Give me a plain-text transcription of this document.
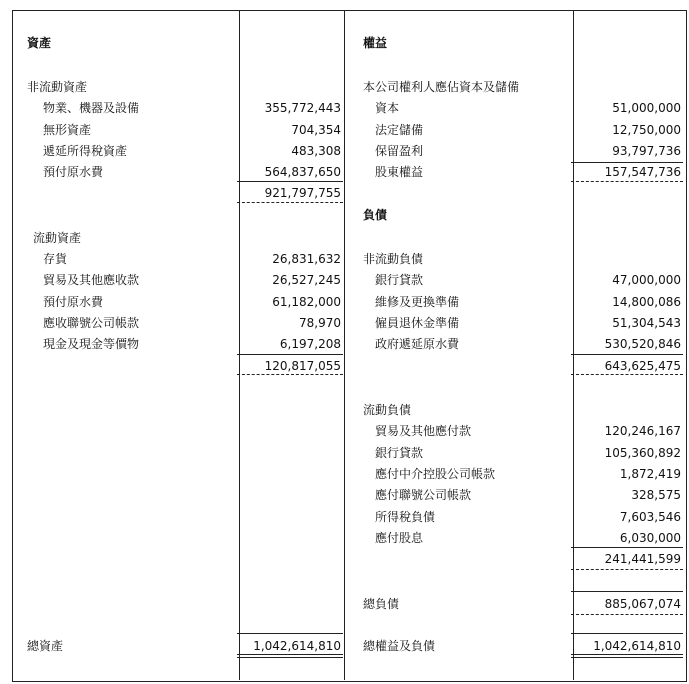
資產
非流動資產
物業、機器及設備	355,772,443
無形資產	704,354
遞延所得稅資產	483,308
預付原水費	564,837,650
921,797,755
流動資產
存貨	26,831,632
貿易及其他應收款	26,527,245
預付原水費	61,182,000
應收聯號公司帳款	78,970
現金及現金等價物	6,197,208
120,817,055
總資產	1,042,614,810
權益
本公司權利人應佔資本及儲備
資本	51,000,000
法定儲備	12,750,000
保留盈利	93,797,736
股東權益	157,547,736
負債
非流動負債
銀行貸款	47,000,000
維修及更換準備	14,800,086
僱員退休金準備	51,304,543
政府遞延原水費	530,520,846
643,625,475
流動負債
貿易及其他應付款	120,246,167
銀行貸款	105,360,892
應付中介控股公司帳款	1,872,419
應付聯號公司帳款	328,575
所得稅負債	7,603,546
應付股息	6,030,000
241,441,599
總負債	885,067,074
總權益及負債	1,042,614,810
